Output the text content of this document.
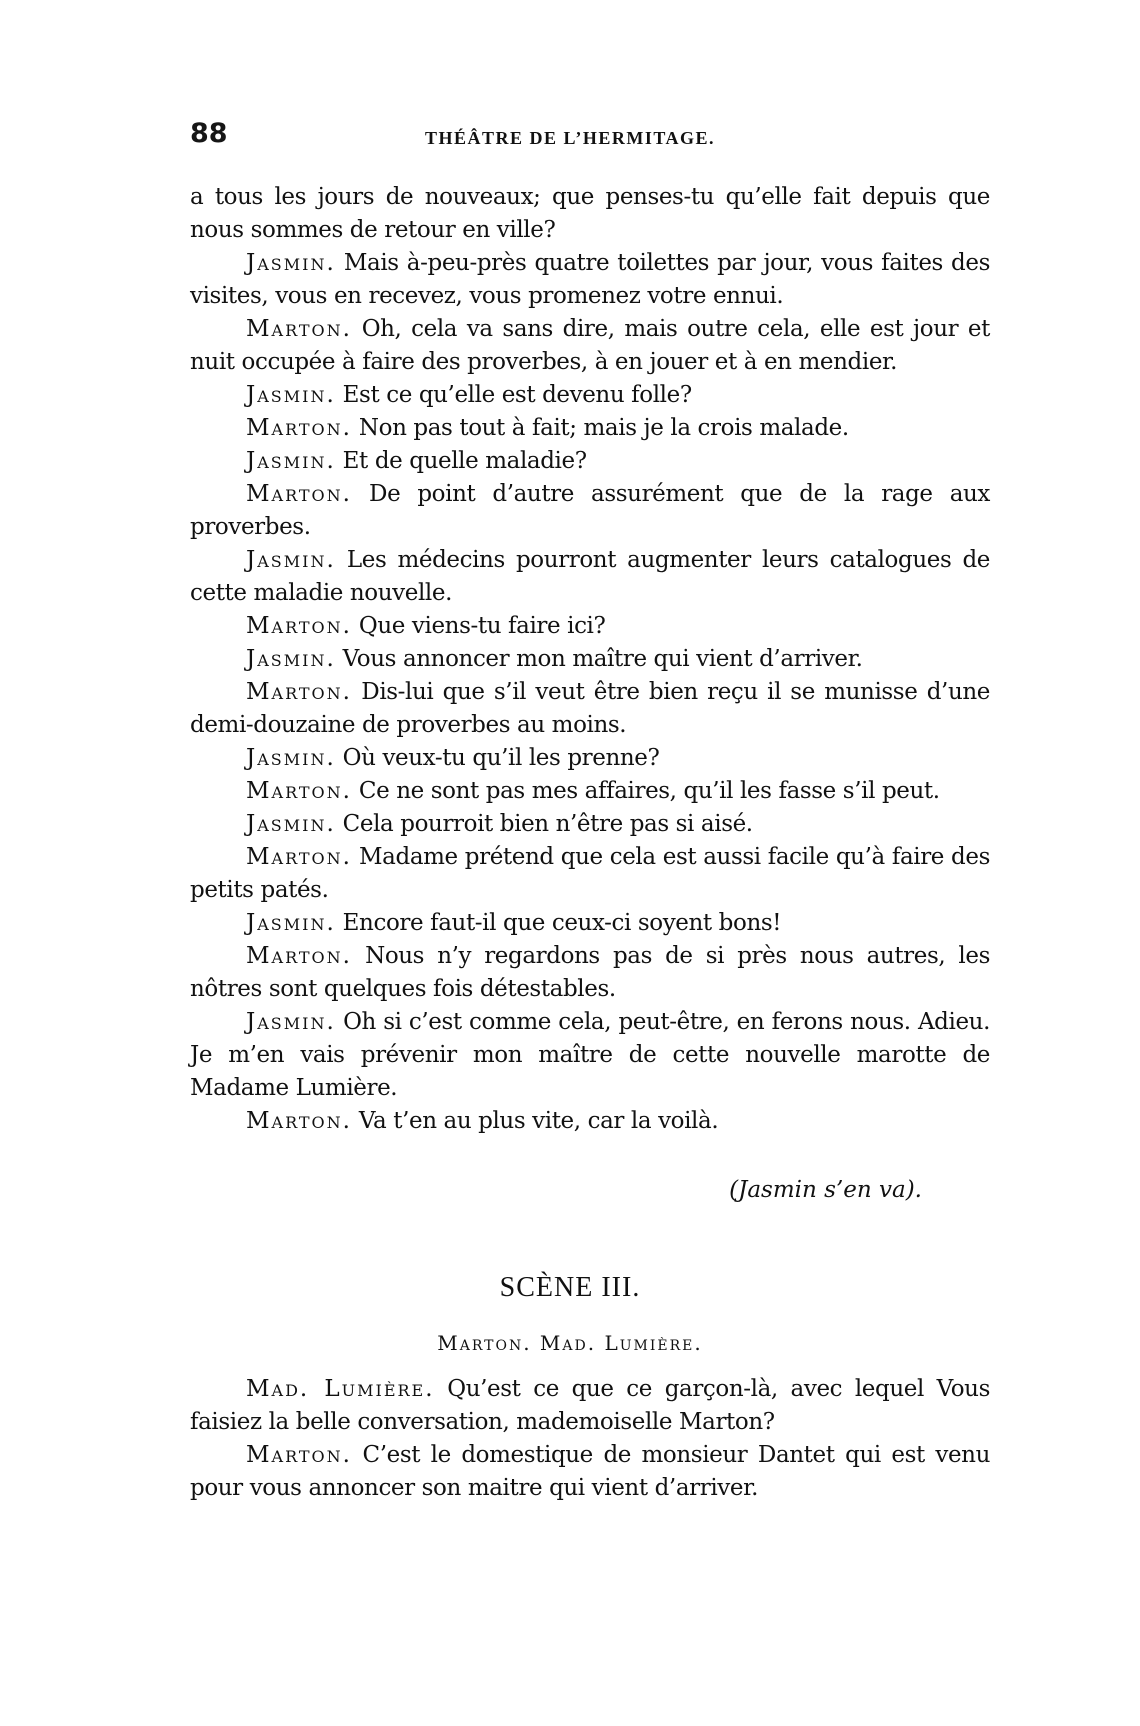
88	THÉÂTRE DE L’HERMITAGE.

a tous les jours de nouveaux; que penses-tu qu’elle fait depuis que nous sommes de retour en ville?

Jasmin. Mais à-peu-près quatre toilettes par jour, vous faites des visites, vous en recevez, vous promenez votre ennui.

Marton. Oh, cela va sans dire, mais outre cela, elle est jour et nuit occupée à faire des proverbes, à en jouer et à en mendier.

Jasmin. Est ce qu’elle est devenu folle?

Marton. Non pas tout à fait; mais je la crois malade.

Jasmin. Et de quelle maladie?

Marton. De point d’autre assurément que de la rage aux proverbes.

Jasmin. Les médecins pourront augmenter leurs catalogues de cette maladie nouvelle.

Marton. Que viens-tu faire ici?

Jasmin. Vous annoncer mon maître qui vient d’arriver.

Marton. Dis-lui que s’il veut être bien reçu il se munisse d’une demi-douzaine de proverbes au moins.

Jasmin. Où veux-tu qu’il les prenne?

Marton. Ce ne sont pas mes affaires, qu’il les fasse s’il peut.

Jasmin. Cela pourroit bien n’être pas si aisé.

Marton. Madame prétend que cela est aussi facile qu’à faire des petits patés.

Jasmin. Encore faut-il que ceux-ci soyent bons!

Marton. Nous n’y regardons pas de si près nous autres, les nôtres sont quelques fois détestables.

Jasmin. Oh si c’est comme cela, peut-être, en ferons nous. Adieu. Je m’en vais prévenir mon maître de cette nouvelle marotte de Madame Lumière.

Marton. Va t’en au plus vite, car la voilà.

(Jasmin s’en va).
SCÈNE III.
Marton. Mad. Lumière.

Mad. Lumière. Qu’est ce que ce garçon-là, avec lequel Vous faisiez la belle conversation, mademoiselle Marton?

Marton. C’est le domestique de monsieur Dantet qui est venu pour vous annoncer son maitre qui vient d’arriver.
